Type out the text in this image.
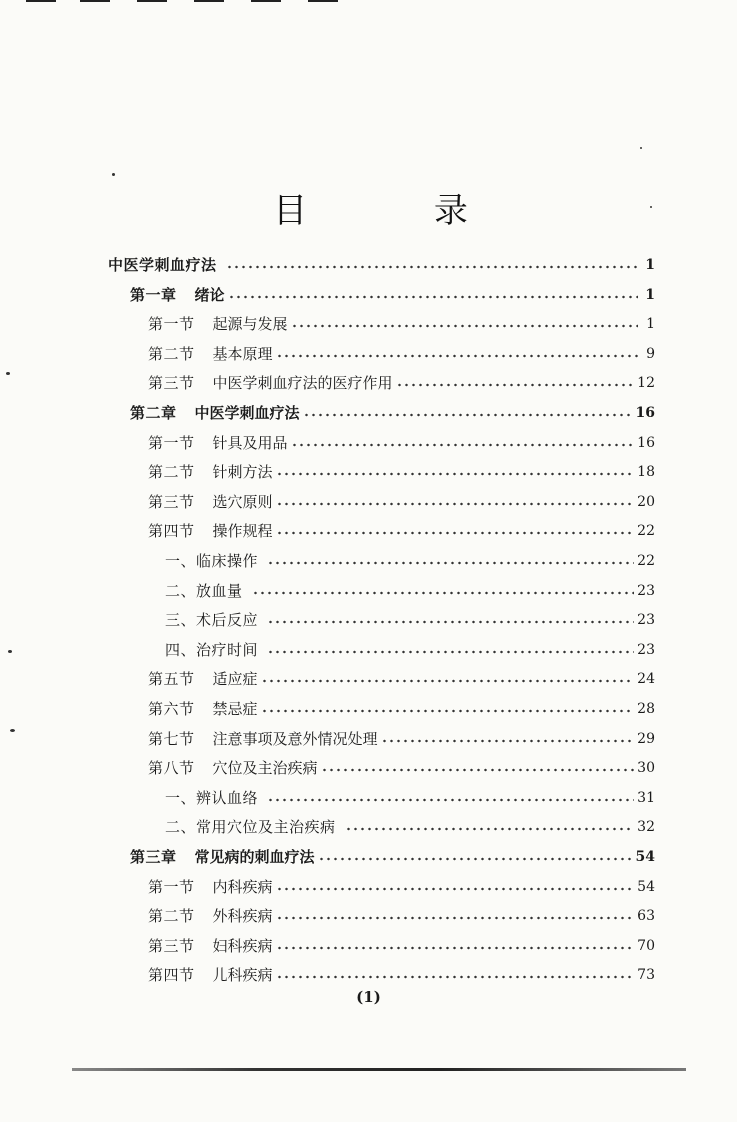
目 录
中医学刺血疗法	1
第一章	绪论	1
第一节	起源与发展	1
第二节	基本原理	9
第三节	中医学刺血疗法的医疗作用	12
第二章	中医学刺血疗法	16
第一节	针具及用品	16
第二节	针刺方法	18
第三节	选穴原则	20
第四节	操作规程	22
一、临床操作	22
二、放血量	23
三、术后反应	23
四、治疗时间	23
第五节	适应症	24
第六节	禁忌症	28
第七节	注意事项及意外情况处理	29
第八节	穴位及主治疾病	30
一、辨认血络	31
二、常用穴位及主治疾病	32
第三章	常见病的刺血疗法	54
第一节	内科疾病	54
第二节	外科疾病	63
第三节	妇科疾病	70
第四节	儿科疾病	73
(1)
